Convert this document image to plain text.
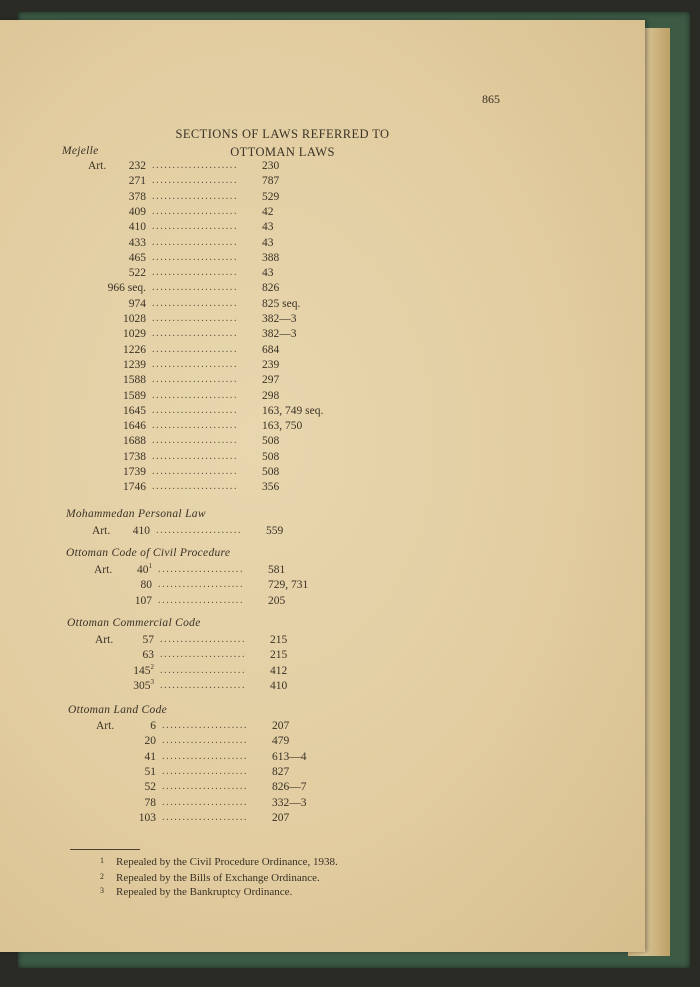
865
SECTIONS OF LAWS REFERRED TO
OTTOMAN LAWS
Mejelle
Art.	232 .....................	230
271 .....................	787
378 .....................	529
409 .....................	42
410 .....................	43
433 .....................	43
465 .....................	388
522 .....................	43
966 seq. .....................	826
974 .....................	825 seq.
1028 .....................	382—3
1029 .....................	382—3
1226 .....................	684
1239 .....................	239
1588 .....................	297
1589 .....................	298
1645 .....................	163, 749 seq.
1646 .....................	163, 750
1688 .....................	508
1738 .....................	508
1739 .....................	508
1746 .....................	356
Mohammedan Personal Law
Art.	410 .....................	559
Ottoman Code of Civil Procedure
Art.	$40^1$ .....................	581
80 .....................	729, 731
107 .....................	205
Ottoman Commercial Code
Art.	57 .....................	215
63 .....................	215
$145^2$ .....................	412
$305^3$ .....................	410
Ottoman Land Code
Art.	6 .....................	207
20 .....................	479
41 .....................	613—4
51 .....................	827
52 .....................	826—7
78 .....................	332—3
103 .....................	207
1 Repealed by the Civil Procedure Ordinance, 1938.
2 Repealed by the Bills of Exchange Ordinance.
3 Repealed by the Bankruptcy Ordinance.
